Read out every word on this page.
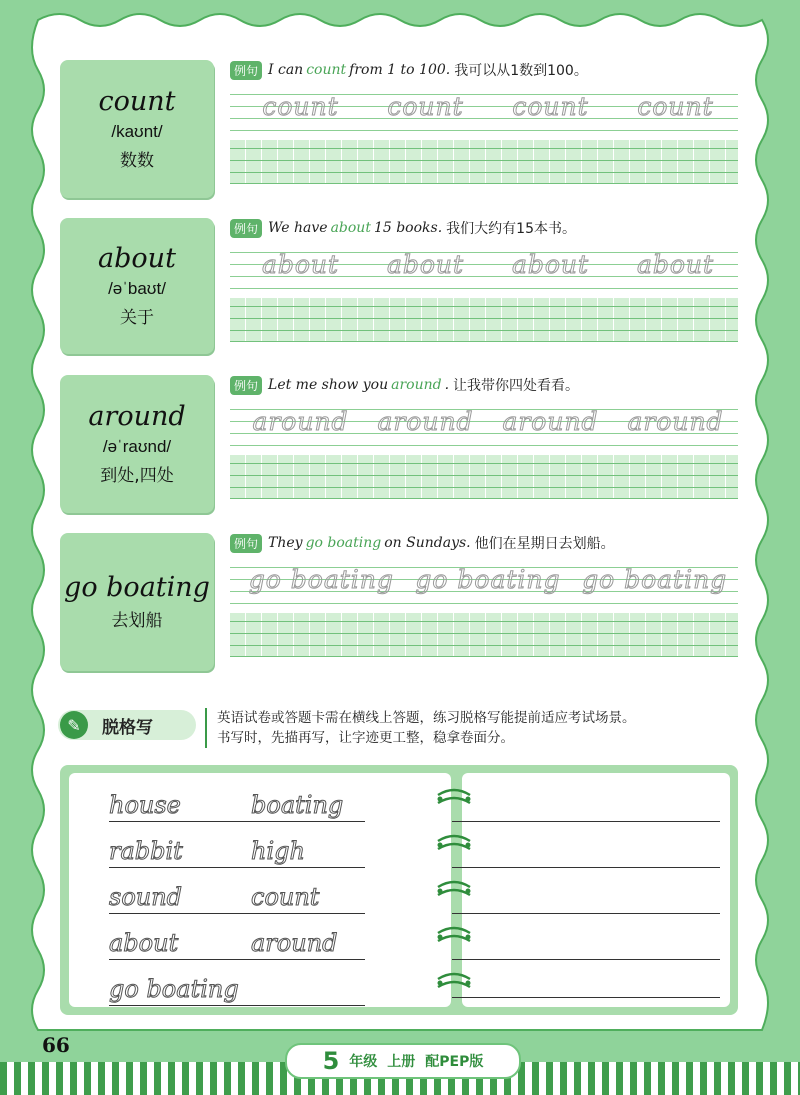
count
/kaʊnt/
数数
例句 I can count from 1 to 100. 我可以从1数到100。
count count count count
about
/əˈbaʊt/
关于
例句 We have about 15 books. 我们大约有15本书。
about about about about
around
/əˈraʊnd/
到处,四处
例句 Let me show you around . 让我带你四处看看。
around around around around
go boating
去划船
例句 They go boating on Sundays. 他们在星期日去划船。
go boating go boating go boating
✎	脱格写	英语试卷或答题卡需在横线上答题，练习脱格写能提前适应考试场景。
书写时，先描再写，让字迹更工整，稳拿卷面分。
house	boating
rabbit	high
sound	count
about	around
go boating
66
5 年级 上册 配PEP版
